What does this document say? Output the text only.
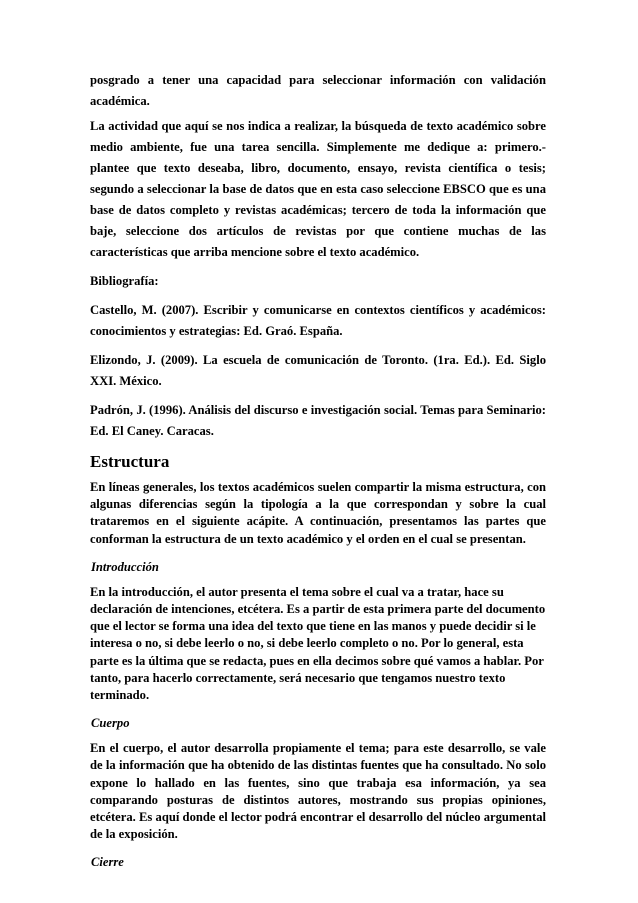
posgrado a tener una capacidad para seleccionar información con validación académica.

La actividad que aquí se nos indica a realizar, la búsqueda de texto académico sobre medio ambiente, fue una tarea sencilla. Simplemente me dedique a: primero.- plantee que texto deseaba, libro, documento, ensayo, revista científica o tesis; segundo a seleccionar la base de datos que en esta caso seleccione EBSCO que es una base de datos completo y revistas académicas; tercero de toda la información que baje, seleccione dos artículos de revistas por que contiene muchas de las características que arriba mencione sobre el texto académico.

Bibliografía:

Castello, M. (2007). Escribir y comunicarse en contextos científicos y académicos: conocimientos y estrategias: Ed. Graó. España.

Elizondo, J. (2009). La escuela de comunicación de Toronto. (1ra. Ed.). Ed. Siglo XXI. México.

Padrón, J. (1996). Análisis del discurso e investigación social. Temas para Seminario: Ed. El Caney. Caracas.

Estructura

En líneas generales, los textos académicos suelen compartir la misma estructura, con algunas diferencias según la tipología a la que correspondan y sobre la cual trataremos en el siguiente acápite. A continuación, presentamos las partes que conforman la estructura de un texto académico y el orden en el cual se presentan.

Introducción

En la introducción, el autor presenta el tema sobre el cual va a tratar, hace su declaración de intenciones, etcétera. Es a partir de esta primera parte del documento que el lector se forma una idea del texto que tiene en las manos y puede decidir si le interesa o no, si debe leerlo o no, si debe leerlo completo o no. Por lo general, esta parte es la última que se redacta, pues en ella decimos sobre qué vamos a hablar. Por tanto, para hacerlo correctamente, será necesario que tengamos nuestro texto terminado.

Cuerpo

En el cuerpo, el autor desarrolla propiamente el tema; para este desarrollo, se vale de la información que ha obtenido de las distintas fuentes que ha consultado. No solo expone lo hallado en las fuentes, sino que trabaja esa información, ya sea comparando posturas de distintos autores, mostrando sus propias opiniones, etcétera. Es aquí donde el lector podrá encontrar el desarrollo del núcleo argumental de la exposición.

Cierre
